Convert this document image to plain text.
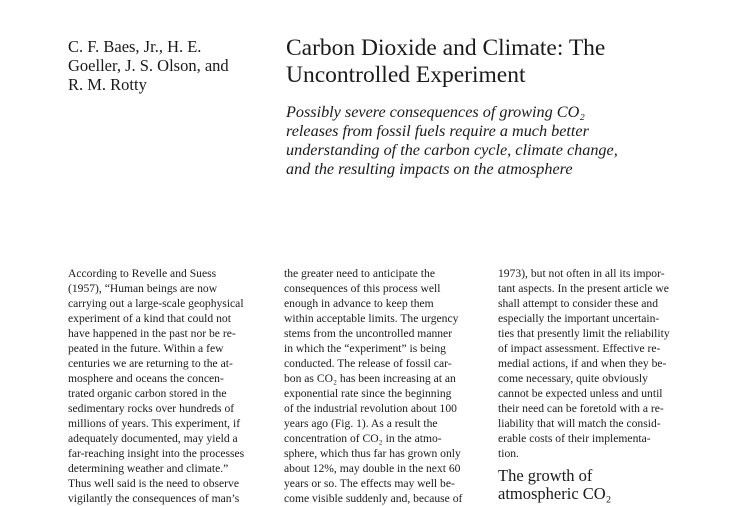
C. F. Baes, Jr., H. E.
Goeller, J. S. Olson, and
R. M. Rotty
Carbon Dioxide and Climate: The
Uncontrolled Experiment
Possibly severe consequences of growing CO₂
releases from fossil fuels require a much better
understanding of the carbon cycle, climate change,
and the resulting impacts on the atmosphere

According to Revelle and Suess
(1957), “Human beings are now
carrying out a large-scale geophysical
experiment of a kind that could not
have happened in the past nor be re-
peated in the future. Within a few
centuries we are returning to the at-
mosphere and oceans the concen-
trated organic carbon stored in the
sedimentary rocks over hundreds of
millions of years. This experiment, if
adequately documented, may yield a
far-reaching insight into the processes
determining weather and climate.”
Thus well said is the need to observe
vigilantly the consequences of man’s

the greater need to anticipate the
consequences of this process well
enough in advance to keep them
within acceptable limits. The urgency
stems from the uncontrolled manner
in which the “experiment” is being
conducted. The release of fossil car-
bon as CO₂ has been increasing at an
exponential rate since the beginning
of the industrial revolution about 100
years ago (Fig. 1). As a result the
concentration of CO₂ in the atmo-
sphere, which thus far has grown only
about 12%, may double in the next 60
years or so. The effects may well be-
come visible suddenly and, because of

1973), but not often in all its impor-
tant aspects. In the present article we
shall attempt to consider these and
especially the important uncertain-
ties that presently limit the reliability
of impact assessment. Effective re-
medial actions, if and when they be-
come necessary, quite obviously
cannot be expected unless and until
their need can be foretold with a re-
liability that will match the consid-
erable costs of their implementa-
tion.

The growth of
atmospheric CO₂
